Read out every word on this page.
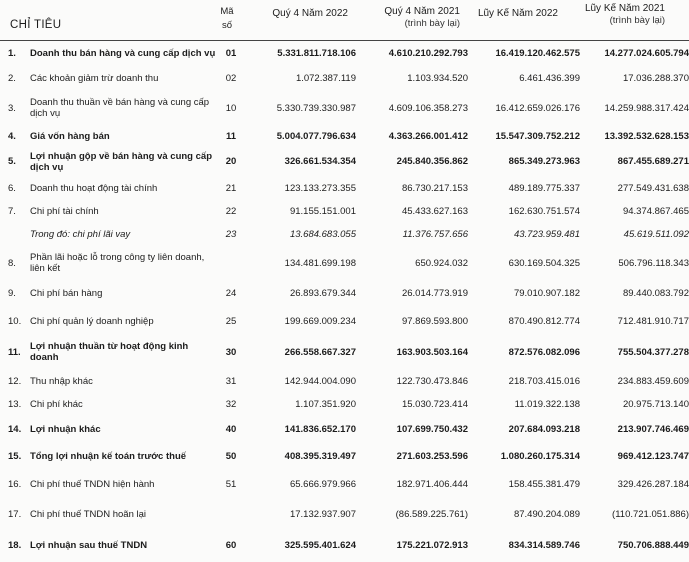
CHỈ TIÊU
Mã
số
Quý 4 Năm 2022	Quý 4 Năm 2021
(trình bày lại)
Lũy Kế Năm 2022	Lũy Kế Năm 2021
(trình bày lại)
1.	Doanh thu bán hàng và cung cấp dịch vụ	01	5.331.811.718.106	4.610.210.292.793	16.419.120.462.575	14.277.024.605.794
2.	Các khoản giảm trừ doanh thu	02	1.072.387.119	1.103.934.520	6.461.436.399	17.036.288.370
3.	Doanh thu thuần về bán hàng và cung cấp dịch vụ	10	5.330.739.330.987	4.609.106.358.273	16.412.659.026.176	14.259.988.317.424
4.	Giá vốn hàng bán	11	5.004.077.796.634	4.363.266.001.412	15.547.309.752.212	13.392.532.628.153
5.	Lợi nhuận gộp về bán hàng và cung cấp dịch vụ	20	326.661.534.354	245.840.356.862	865.349.273.963	867.455.689.271
6.	Doanh thu hoạt động tài chính	21	123.133.273.355	86.730.217.153	489.189.775.337	277.549.431.638
7.	Chi phí tài chính	22	91.155.151.001	45.433.627.163	162.630.751.574	94.374.867.465
	Trong đó: chi phí lãi vay	23	13.684.683.055	11.376.757.656	43.723.959.481	45.619.511.092
8.	Phần lãi hoặc lỗ trong công ty liên doanh, liên kết		134.481.699.198	650.924.032	630.169.504.325	506.796.118.343
9.	Chi phí bán hàng	24	26.893.679.344	26.014.773.919	79.010.907.182	89.440.083.792
10.	Chi phí quản lý doanh nghiệp	25	199.669.009.234	97.869.593.800	870.490.812.774	712.481.910.717
11.	Lợi nhuận thuần từ hoạt động kinh doanh	30	266.558.667.327	163.903.503.164	872.576.082.096	755.504.377.278
12.	Thu nhập khác	31	142.944.004.090	122.730.473.846	218.703.415.016	234.883.459.609
13.	Chi phí khác	32	1.107.351.920	15.030.723.414	11.019.322.138	20.975.713.140
14.	Lợi nhuận khác	40	141.836.652.170	107.699.750.432	207.684.093.218	213.907.746.469
15.	Tổng lợi nhuận kế toán trước thuế	50	408.395.319.497	271.603.253.596	1.080.260.175.314	969.412.123.747
16.	Chi phí thuế TNDN hiện hành	51	65.666.979.966	182.971.406.444	158.455.381.479	329.426.287.184
17.	Chi phí thuế TNDN hoãn lại		17.132.937.907	(86.589.225.761)	87.490.204.089	(110.721.051.886)
18.	Lợi nhuận sau thuế TNDN	60	325.595.401.624	175.221.072.913	834.314.589.746	750.706.888.449
